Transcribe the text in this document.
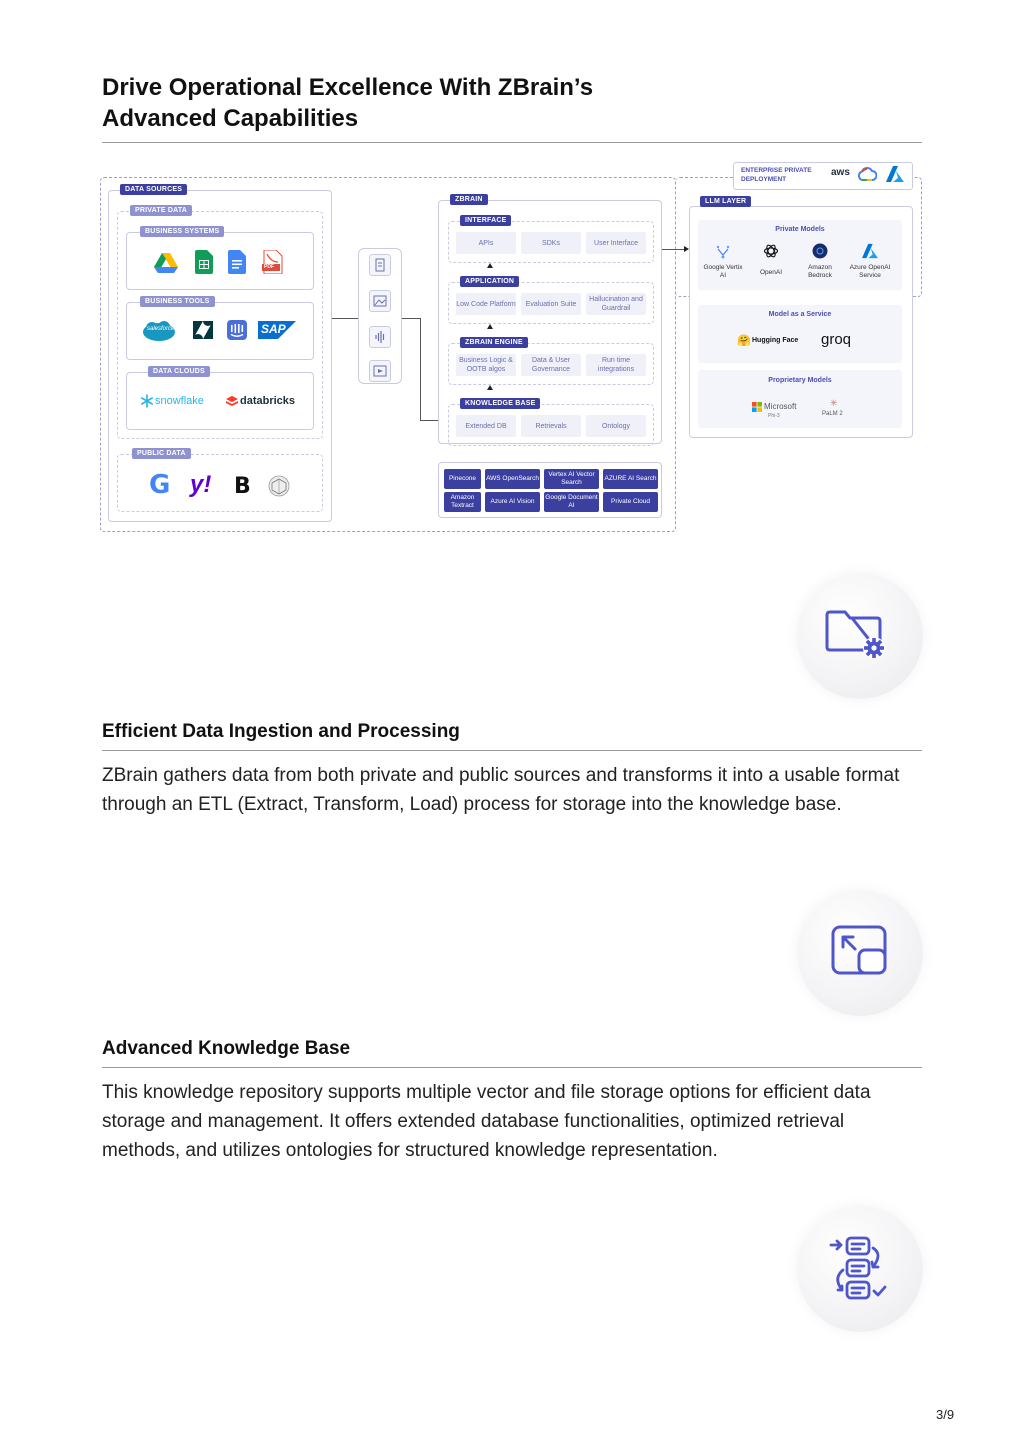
Drive Operational Excellence With ZBrain’s
Advanced Capabilities
DATA SOURCES
PRIVATE DATA
BUSINESS SYSTEMS
PDF
BUSINESS TOOLS
salesforce	SAP
DATA CLOUDS
snowflake	databricks
PUBLIC DATA
G y! B
ZBRAIN
INTERFACE
APIs	SDKs	User Interface
APPLICATION
Low Code Platform	Evaluation Suite
Hallucination and Guardrail
ZBRAIN ENGINE
Business Logic & OOTB algos
Data & User Governance
Run time integrations
KNOWLEDGE BASE
Extended DB	Retrievals	Ontology
Pinecone	AWS OpenSearch
Vertex AI Vector Search
AZURE AI Search
Amazon Textract
Azure AI Vision
Google Document AI
Private Cloud
ENTERPRISE PRIVATE DEPLOYMENT
aws
LLM LAYER
Private Models
Google Vertix AI	OpenAI
Amazon Bedrock
Azure OpenAI Service
Model as a Service
🤗 Hugging Face groq
Proprietary Models
Microsoft
Phi-3
✳
PaLM 2
Efficient Data Ingestion and Processing
ZBrain gathers data from both private and public sources and transforms it into a usable format through an ETL (Extract, Transform, Load) process for storage into the knowledge base.
Advanced Knowledge Base
This knowledge repository supports multiple vector and file storage options for efficient data storage and management. It offers extended database functionalities, optimized retrieval methods, and utilizes ontologies for structured knowledge representation.
3/9
